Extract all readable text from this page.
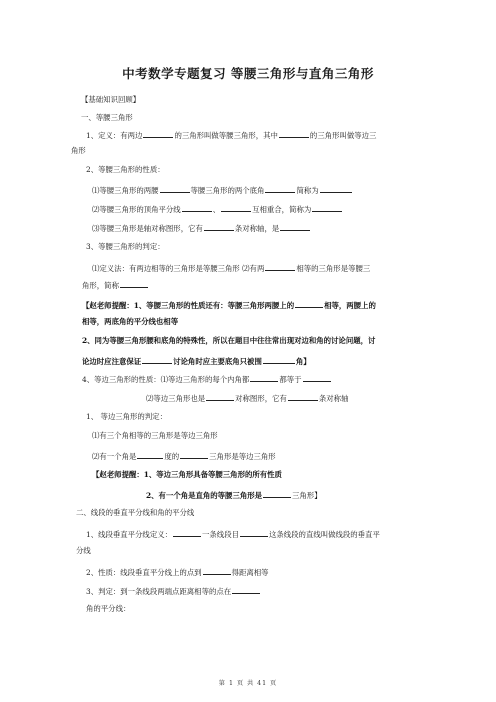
中考数学专题复习 等腰三角形与直角三角形
【基础知识回顾】
一、等腰三角形
1、定义：有两边	的三角形叫做等腰三角形，其中	的三角形叫做等边三
角形
2、等腰三角形的性质：
⑴等腰三角形的两腰	等腰三角形的两个底角	简称为
⑵等腰三角形的顶角平分线	、	互相重合，简称为
⑶等腰三角形是轴对称图形，它有	条对称轴，是
3、等腰三角形的判定：
⑴定义法：有两边相等的三角形是等腰三角形 ⑵有两	相等的三角形是等腰三
角形，简称
【赵老师提醒：1、等腰三角形的性质还有：等腰三角形两腰上的	相等，两腰上的
相等，两底角的平分线也相等
2、同为等腰三角形腰和底角的特殊性，所以在题目中往往常出现对边和角的讨论问题，讨
论边时应注意保证	讨论角时应主要底角只被围	角】
4、等边三角形的性质：⑴等边三角形的每个内角都	都等于
⑵等边三角形也是	对称图形，它有	条对称轴
1、 等边三角形的判定：
⑴有三个角相等的三角形是等边三角形
⑵有一个角是	度的	三角形是等边三角形
【赵老师提醒：1、等边三角形具备等腰三角形的所有性质
2、有一个角是直角的等腰三角形是	三角形】
二、线段的垂直平分线和角的平分线
1、线段垂直平分线定义：	一条线段目	这条线段的直线叫做线段的垂直平
分线
2、性质：线段垂直平分线上的点到	得距离相等
3、判定：到一条线段两端点距离相等的点在
角的平分线：
第 1 页 共 41 页
